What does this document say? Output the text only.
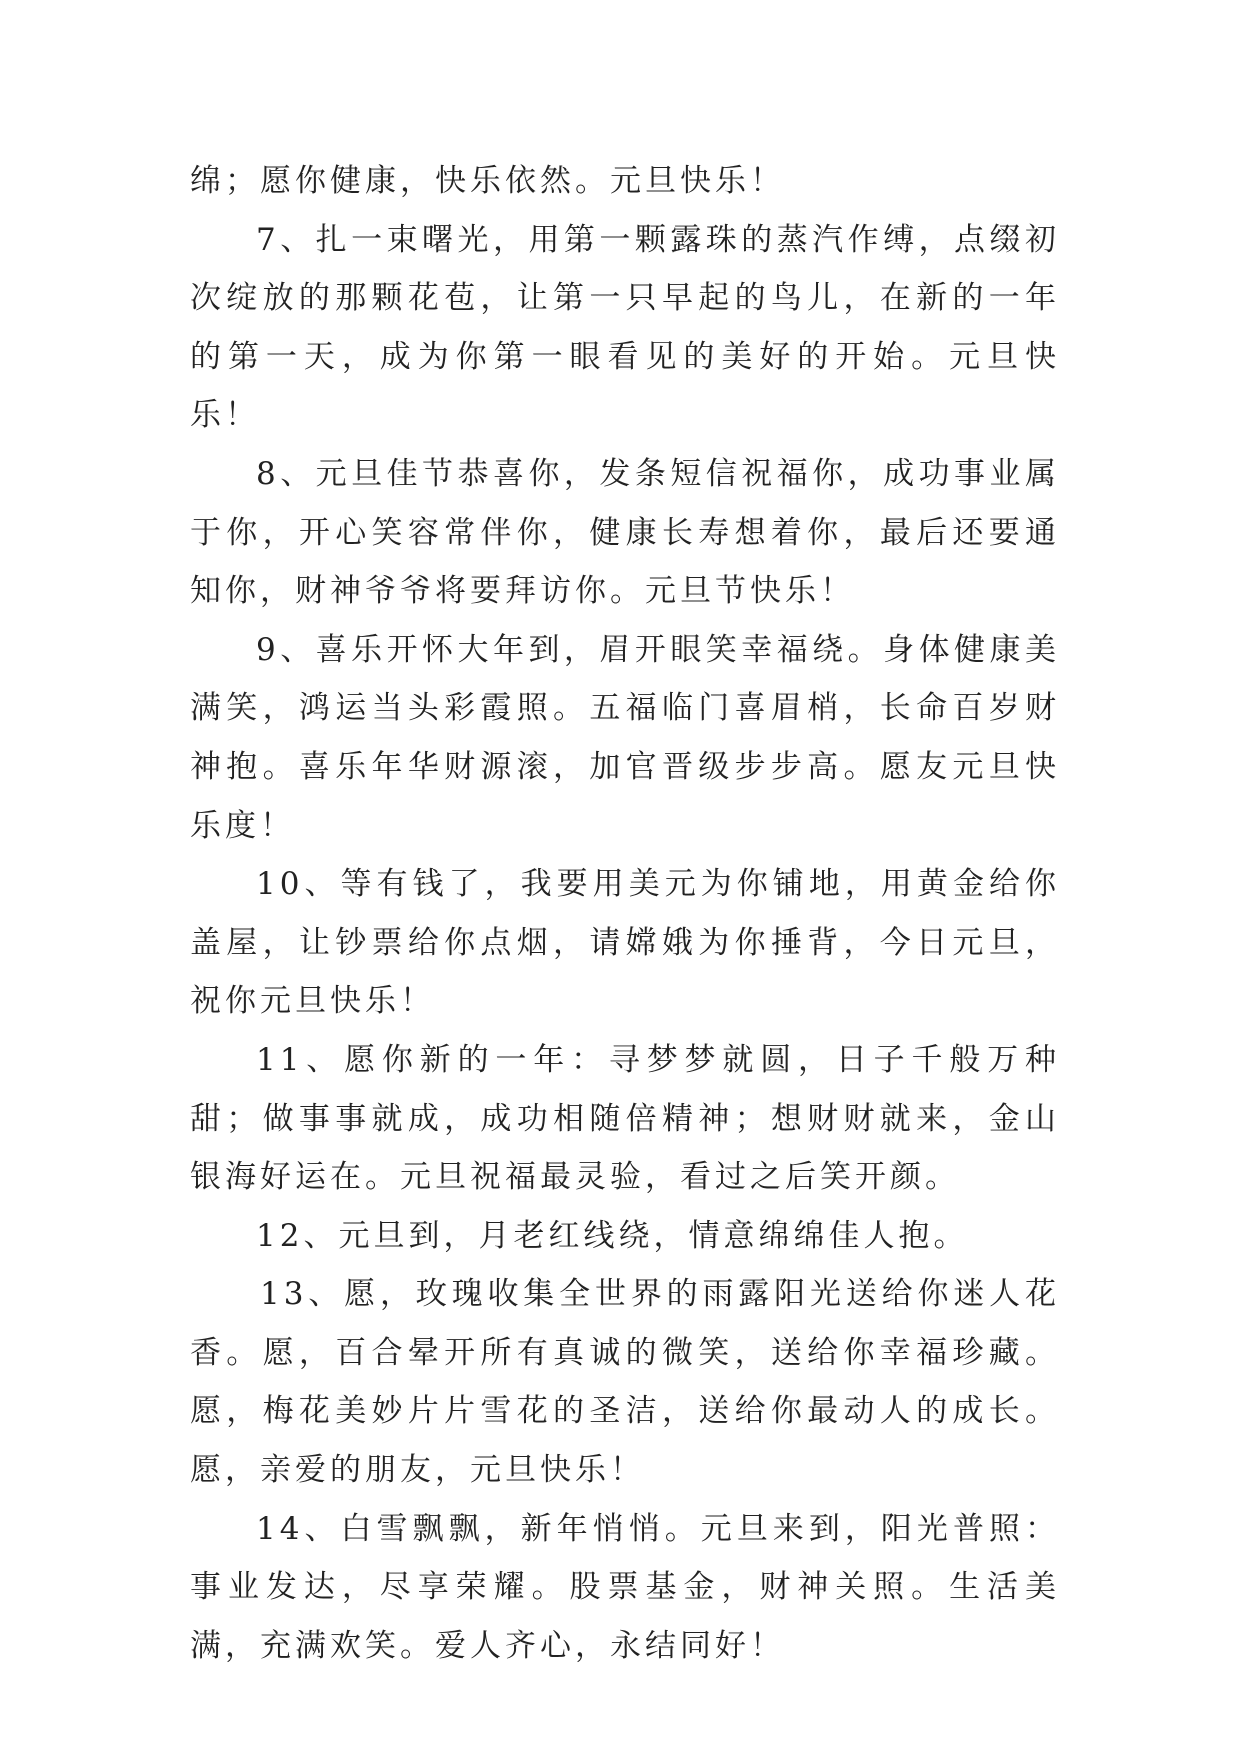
绵；愿你健康，快乐依然。元旦快乐！

7、扎一束曙光，用第一颗露珠的蒸汽作缚，点缀初次绽放的那颗花苞，让第一只早起的鸟儿，在新的一年的第一天，成为你第一眼看见的美好的开始。元旦快乐！

8、元旦佳节恭喜你，发条短信祝福你，成功事业属于你，开心笑容常伴你，健康长寿想着你，最后还要通知你，财神爷爷将要拜访你。元旦节快乐！

9、喜乐开怀大年到，眉开眼笑幸福绕。身体健康美满笑，鸿运当头彩霞照。五福临门喜眉梢，长命百岁财神抱。喜乐年华财源滚，加官晋级步步高。愿友元旦快乐度！

10、等有钱了，我要用美元为你铺地，用黄金给你盖屋，让钞票给你点烟，请嫦娥为你捶背，今日元旦，祝你元旦快乐！

11、愿你新的一年：寻梦梦就圆，日子千般万种甜；做事事就成，成功相随倍精神；想财财就来，金山银海好运在。元旦祝福最灵验，看过之后笑开颜。

12、元旦到，月老红线绕，情意绵绵佳人抱。

13、愿，玫瑰收集全世界的雨露阳光送给你迷人花香。愿，百合晕开所有真诚的微笑，送给你幸福珍藏。愿，梅花美妙片片雪花的圣洁，送给你最动人的成长。愿，亲爱的朋友，元旦快乐！

14、白雪飘飘，新年悄悄。元旦来到，阳光普照：事业发达，尽享荣耀。股票基金，财神关照。生活美满，充满欢笑。爱人齐心，永结同好！
